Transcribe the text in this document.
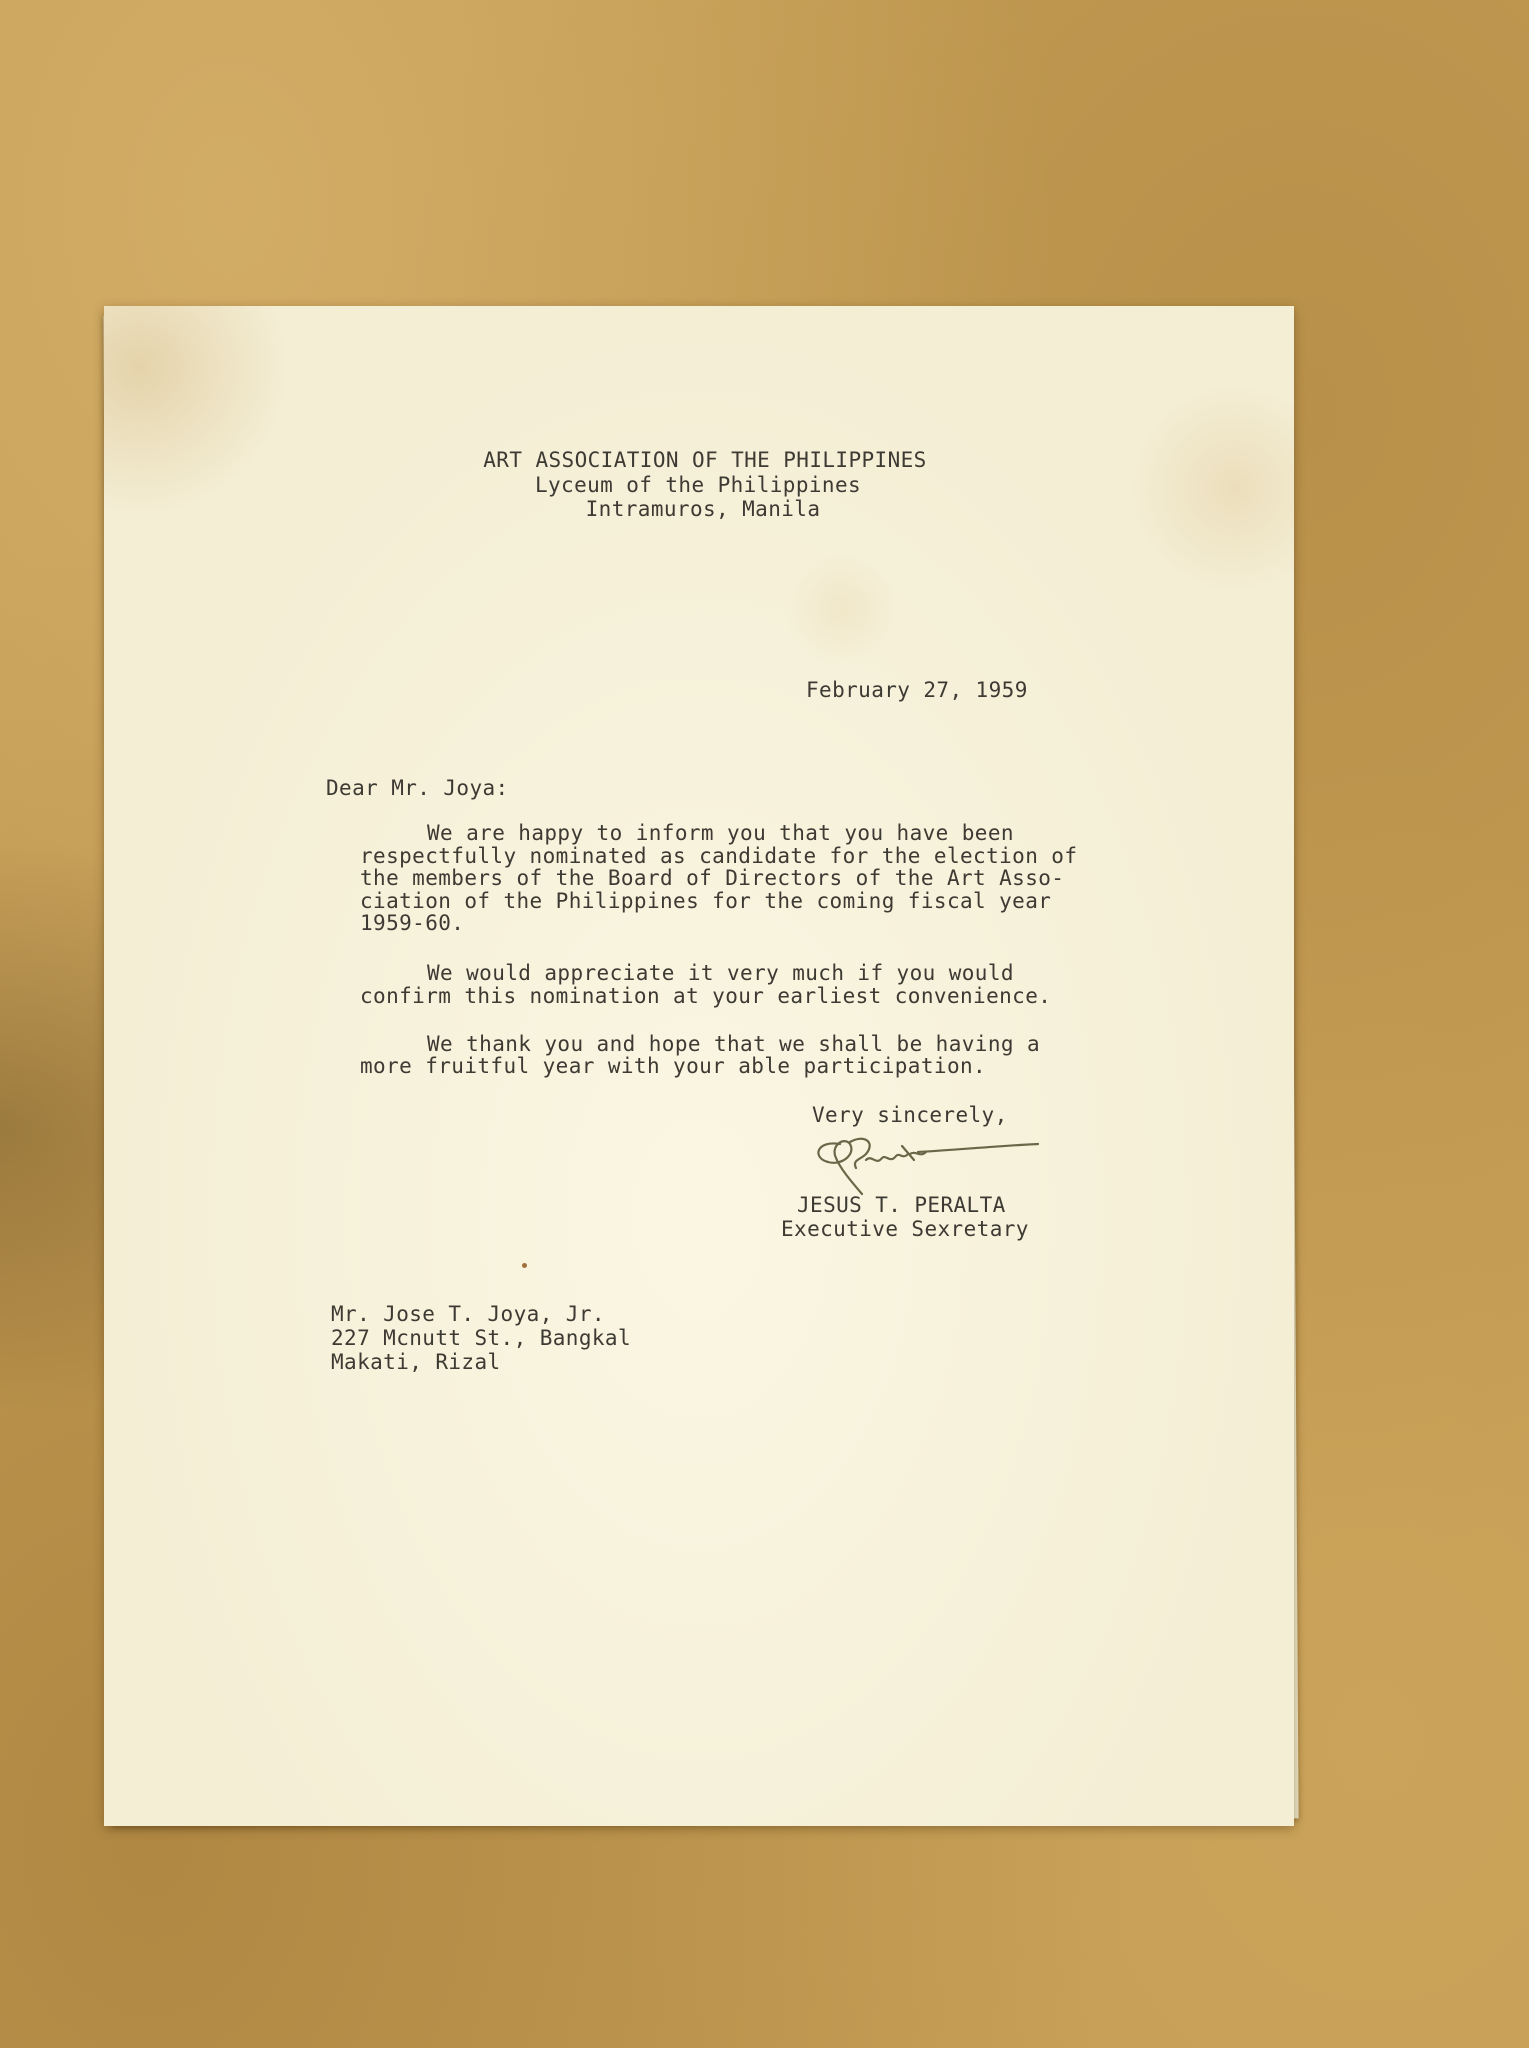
ART ASSOCIATION OF THE PHILIPPINES
Lyceum of the Philippines
Intramuros, Manila
February 27, 1959
Dear Mr. Joya:
We are happy to inform you that you have been
respectfully nominated as candidate for the election of
the members of the Board of Directors of the Art Asso-
ciation of the Philippines for the coming fiscal year
1959-60.
We would appreciate it very much if you would
confirm this nomination at your earliest convenience.
We thank you and hope that we shall be having a
more fruitful year with your able participation.
Very sincerely,
JESUS T. PERALTA
Executive Sexretary
Mr. Jose T. Joya, Jr.
227 Mcnutt St., Bangkal
Makati, Rizal
